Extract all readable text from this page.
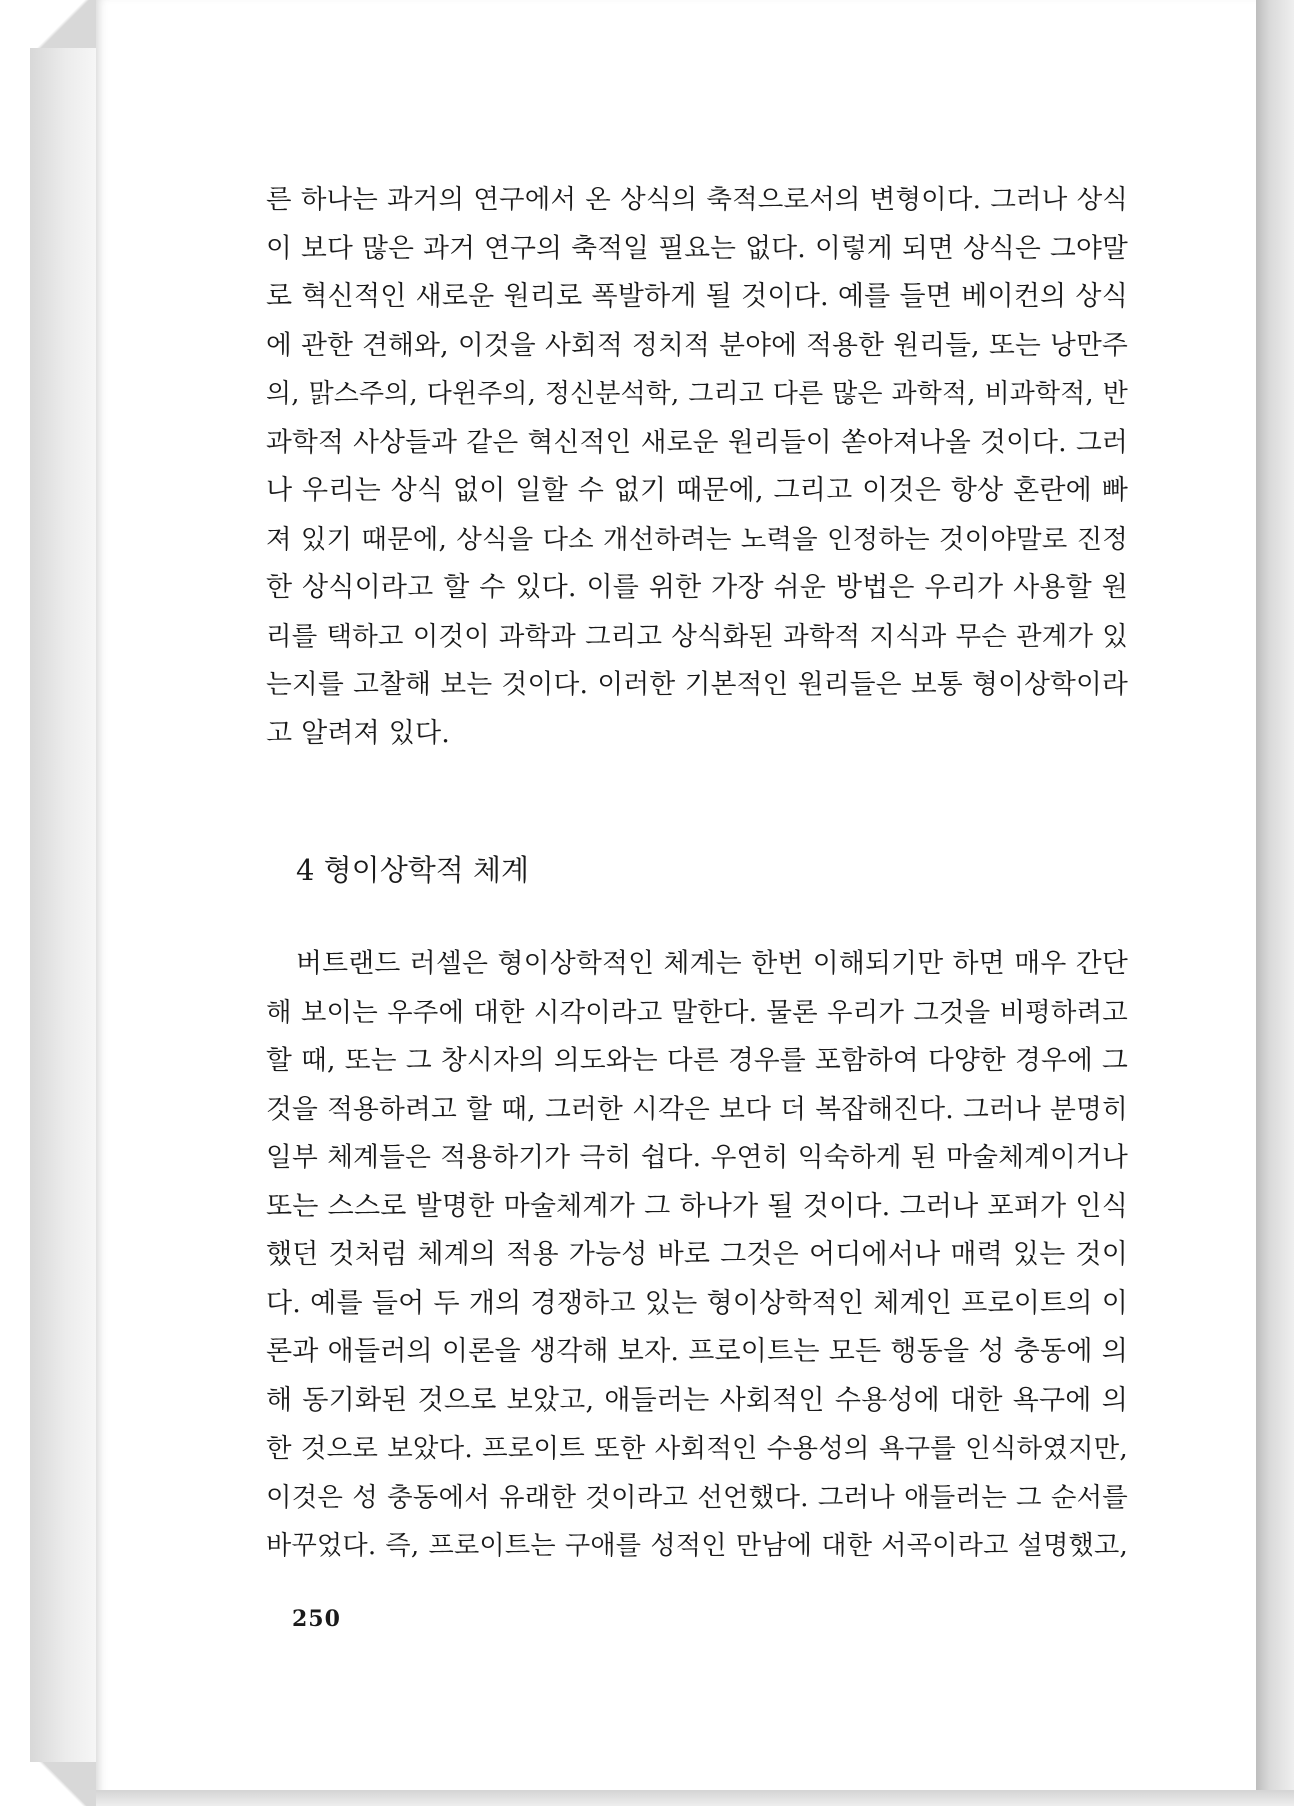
른 하나는 과거의 연구에서 온 상식의 축적으로서의 변형이다. 그러나 상식
이 보다 많은 과거 연구의 축적일 필요는 없다. 이렇게 되면 상식은 그야말
로 혁신적인 새로운 원리로 폭발하게 될 것이다. 예를 들면 베이컨의 상식
에 관한 견해와, 이것을 사회적 정치적 분야에 적용한 원리들, 또는 낭만주
의, 맑스주의, 다윈주의, 정신분석학, 그리고 다른 많은 과학적, 비과학적, 반
과학적 사상들과 같은 혁신적인 새로운 원리들이 쏟아져나올 것이다. 그러
나 우리는 상식 없이 일할 수 없기 때문에, 그리고 이것은 항상 혼란에 빠
져 있기 때문에, 상식을 다소 개선하려는 노력을 인정하는 것이야말로 진정
한 상식이라고 할 수 있다. 이를 위한 가장 쉬운 방법은 우리가 사용할 원
리를 택하고 이것이 과학과 그리고 상식화된 과학적 지식과 무슨 관계가 있
는지를 고찰해 보는 것이다. 이러한 기본적인 원리들은 보통 형이상학이라
고 알려져 있다.
4 형이상학적 체계
버트랜드 러셀은 형이상학적인 체계는 한번 이해되기만 하면 매우 간단
해 보이는 우주에 대한 시각이라고 말한다. 물론 우리가 그것을 비평하려고
할 때, 또는 그 창시자의 의도와는 다른 경우를 포함하여 다양한 경우에 그
것을 적용하려고 할 때, 그러한 시각은 보다 더 복잡해진다. 그러나 분명히
일부 체계들은 적용하기가 극히 쉽다. 우연히 익숙하게 된 마술체계이거나
또는 스스로 발명한 마술체계가 그 하나가 될 것이다. 그러나 포퍼가 인식
했던 것처럼 체계의 적용 가능성 바로 그것은 어디에서나 매력 있는 것이
다. 예를 들어 두 개의 경쟁하고 있는 형이상학적인 체계인 프로이트의 이
론과 애들러의 이론을 생각해 보자. 프로이트는 모든 행동을 성 충동에 의
해 동기화된 것으로 보았고, 애들러는 사회적인 수용성에 대한 욕구에 의
한 것으로 보았다. 프로이트 또한 사회적인 수용성의 욕구를 인식하였지만,
이것은 성 충동에서 유래한 것이라고 선언했다. 그러나 애들러는 그 순서를
바꾸었다. 즉, 프로이트는 구애를 성적인 만남에 대한 서곡이라고 설명했고,
250
